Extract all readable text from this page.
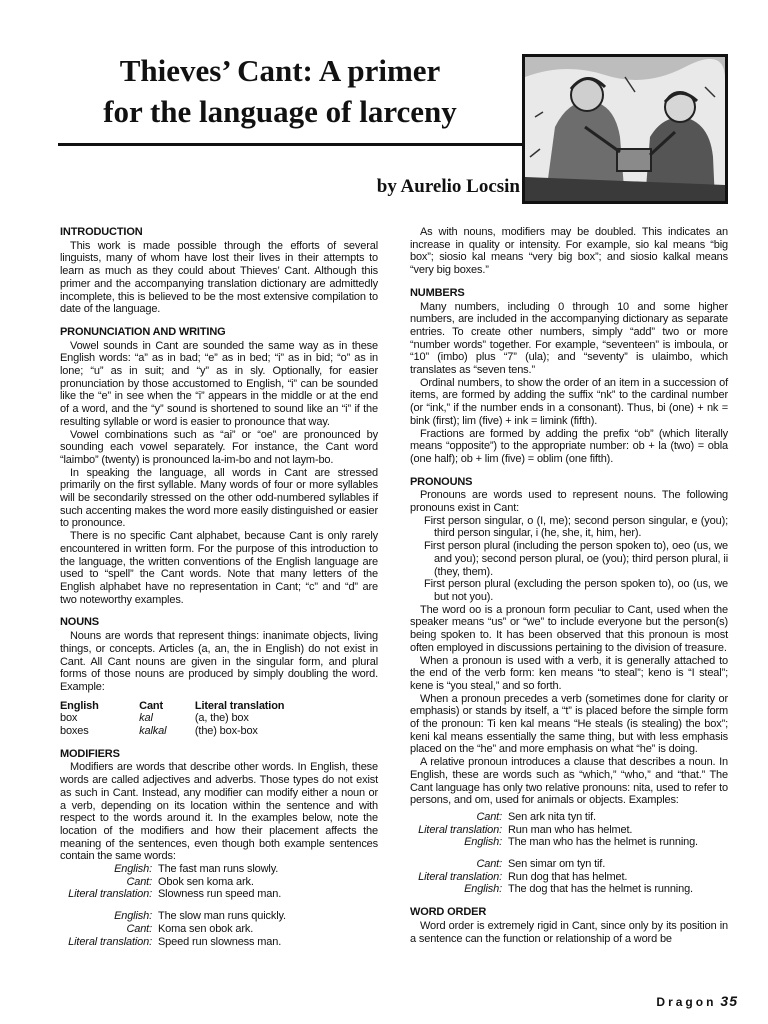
Thieves’ Cant: A primer
for the language of larceny
by Aurelio Locsin
INTRODUCTION

This work is made possible through the efforts of several linguists, many of whom have lost their lives in their attempts to learn as much as they could about Thieves’ Cant. Although this primer and the accompanying translation dictionary are admittedly incomplete, this is believed to be the most extensive compilation to date of the language.

PRONUNCIATION AND WRITING

Vowel sounds in Cant are sounded the same way as in these English words: “a” as in bad; “e” as in bed; “i” as in bid; “o” as in lone; “u” as in suit; and “y” as in sly. Optionally, for easier pronunciation by those accustomed to English, “i” can be sounded like the “e” in see when the “i” appears in the middle or at the end of a word, and the “y” sound is shortened to sound like an “i” if the resulting syllable or word is easier to pronounce that way.

Vowel combinations such as “ai” or “oe” are pronounced by sounding each vowel separately. For instance, the Cant word “laimbo” (twenty) is pronounced la-im-bo and not laym-bo.

In speaking the language, all words in Cant are stressed primarily on the first syllable. Many words of four or more syllables will be secondarily stressed on the other odd-numbered syllables if such accenting makes the word more easily distinguished or easier to pronounce.

There is no specific Cant alphabet, because Cant is only rarely encountered in written form. For the purpose of this introduction to the language, the written conventions of the English language are used to “spell” the Cant words. Note that many letters of the English alphabet have no representation in Cant; “c” and “d” are two noteworthy examples.

NOUNS

Nouns are words that represent things: inanimate objects, living things, or concepts. Articles (a, an, the in English) do not exist in Cant. All Cant nouns are given in the singular form, and plural forms of those nouns are produced by simply doubling the word. Example:

English	Cant	Literal translation
box	kal	(a, the) box
boxes	kalkal	(the) box-box
MODIFIERS

Modifiers are words that describe other words. In English, these words are called adjectives and adverbs. Those types do not exist as such in Cant. Instead, any modifier can modify either a noun or a verb, depending on its location within the sentence and with respect to the words around it. In the examples below, note the location of the modifiers and how their placement affects the meaning of the sentences, even though both example sentences contain the same words:

English: The fast man runs slowly.
Cant: Obok sen koma ark.
Literal translation: Slowness run speed man.
English: The slow man runs quickly.
Cant: Koma sen obok ark.
Literal translation: Speed run slowness man.

As with nouns, modifiers may be doubled. This indicates an increase in quality or intensity. For example, sio kal means “big box”; siosio kal means “very big box”; and siosio kalkal means “very big boxes.”

NUMBERS

Many numbers, including 0 through 10 and some higher numbers, are included in the accompanying dictionary as separate entries. To create other numbers, simply “add” two or more “number words” together. For example, “seventeen” is imboula, or “10” (imbo) plus “7” (ula); and “seventy” is ulaimbo, which translates as “seven tens.”

Ordinal numbers, to show the order of an item in a succession of items, are formed by adding the suffix “nk” to the cardinal number (or “ink,” if the number ends in a consonant). Thus, bi (one) + nk = bink (first); lim (five) + ink = limink (fifth).

Fractions are formed by adding the prefix “ob” (which literally means “opposite”) to the appropriate number: ob + la (two) = obla (one half); ob + lim (five) = oblim (one fifth).

PRONOUNS

Pronouns are words used to represent nouns. The following pronouns exist in Cant:

First person singular, o (I, me); second person singular, e (you); third person singular, i (he, she, it, him, her).

First person plural (including the person spoken to), oeo (us, we and you); second person plural, oe (you); third person plural, ii (they, them).

First person plural (excluding the person spoken to), oo (us, we but not you).

The word oo is a pronoun form peculiar to Cant, used when the speaker means “us” or “we” to include everyone but the person(s) being spoken to. It has been observed that this pronoun is most often employed in discussions pertaining to the division of treasure.

When a pronoun is used with a verb, it is generally attached to the end of the verb form: ken means “to steal”; keno is “I steal”; kene is “you steal,” and so forth.

When a pronoun precedes a verb (sometimes done for clarity or emphasis) or stands by itself, a “t” is placed before the simple form of the pronoun: Ti ken kal means “He steals (is stealing) the box”; keni kal means essentially the same thing, but with less emphasis placed on the “he” and more emphasis on what “he” is doing.

A relative pronoun introduces a clause that describes a noun. In English, these are words such as “which,” “who,” and “that.” The Cant language has only two relative pronouns: nita, used to refer to persons, and om, used for animals or objects. Examples:

Cant: Sen ark nita tyn tif.
Literal translation: Run man who has helmet.
English: The man who has the helmet is running.
Cant: Sen simar om tyn tif.
Literal translation: Run dog that has helmet.
English: The dog that has the helmet is running.
WORD ORDER

Word order is extremely rigid in Cant, since only by its position in a sentence can the function or relationship of a word be

Dragon 35
